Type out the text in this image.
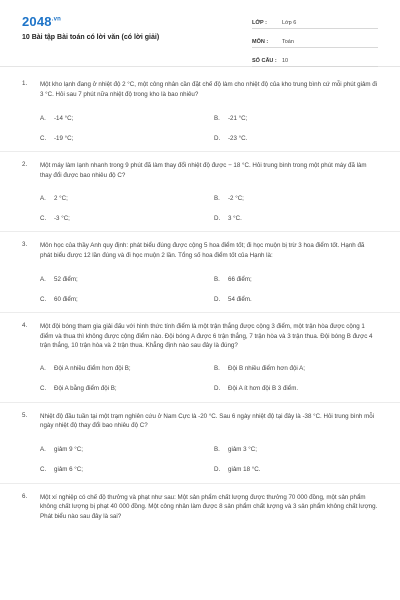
$2048^{.vn}$
10 Bài tập Bài toán có lời văn (có lời giải)
LỚP :	Lớp 6
MÔN :	Toán
SỐ CÂU : 10
1. Một kho lạnh đang ở nhiệt độ 2 °C, một công nhân cần đặt chế độ làm cho nhiệt độ của kho trung bình cứ mỗi phút giảm đi 3 °C. Hỏi sau 7 phút nữa nhiệt độ trong kho là bao nhiêu?
A.	-14 °C;	B.	-21 °C;
C.	-19 °C;	D.	-23 °C.
2. Một máy làm lạnh nhanh trong 9 phút đã làm thay đổi nhiệt độ được − 18 °C. Hỏi trung bình trong một phút máy đã làm thay đổi được bao nhiêu độ C?
A.	2 °C;	B.	-2 °C;
C.	-3 °C;	D.	3 °C.
3. Môn học của thầy Anh quy định: phát biểu đúng được cộng 5 hoa điểm tốt; đi học muộn bị trừ 3 hoa điểm tốt. Hạnh đã phát biểu được 12 lần đúng và đi học muộn 2 lần. Tổng số hoa điểm tốt của Hạnh là:
A.	52 điểm;	B.	66 điểm;
C.	60 điểm;	D.	54 điểm.
4. Một đội bóng tham gia giải đấu với hình thức tính điểm là một trận thắng được cộng 3 điểm, một trận hòa được cộng 1 điểm và thua thì không được cộng điểm nào. Đội bóng A được 6 trận thắng, 7 trận hòa và 3 trận thua. Đội bóng B được 4 trận thắng, 10 trận hòa và 2 trận thua. Khẳng định nào sau đây là đúng?
A.	Đội A nhiều điểm hơn đội B;	B.	Đội B nhiều điểm hơn đội A;
C.	Đội A bằng điểm đội B;	D.	Đội A ít hơn đội B 3 điểm.
5. Nhiệt độ đầu tuần tại một trạm nghiên cứu ở Nam Cực là -20 °C. Sau 6 ngày nhiệt độ tại đây là -38 °C. Hỏi trung bình mỗi ngày nhiệt độ thay đổi bao nhiêu độ C?
A.	giảm 9 °C;	B.	giảm 3 °C;
C.	giảm 6 °C;	D.	giảm 18 °C.
6. Một xí nghiệp có chế độ thưởng và phạt như sau: Một sản phẩm chất lượng được thưởng 70 000 đồng, một sản phẩm không chất lượng bị phạt 40 000 đồng. Một công nhân làm được 8 sản phẩm chất lượng và 3 sản phẩm không chất lượng. Phát biểu nào sau đây là sai?
